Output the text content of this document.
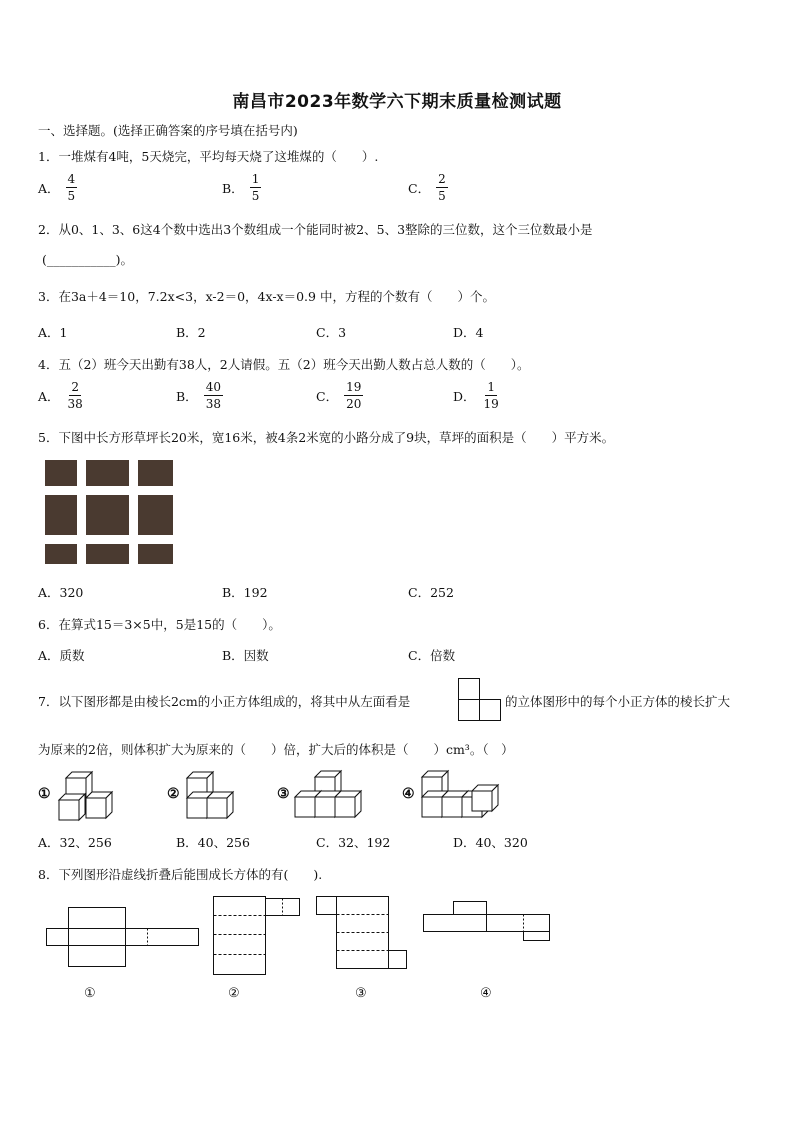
南昌市2023年数学六下期末质量检测试题
一、选择题。(选择正确答案的序号填在括号内)
1．一堆煤有4吨，5天烧完，平均每天烧了这堆煤的（　　）.
A． $\frac{4}{5}$	B． $\frac{1}{5}$	C． $\frac{2}{5}$
2．从0、1、3、6这4个数中选出3个数组成一个能同时被2、5、3整除的三位数，这个三位数最小是
(___________)。
3．在3a＋4＝10，7.2x<3，x-2＝0，4x-x＝0.9 中，方程的个数有（　　）个。
A．1	B．2	C．3	D．4
4．五（2）班今天出勤有38人，2人请假。五（2）班今天出勤人数占总人数的（　　）。
A． $\frac{2}{38}$	B． $\frac{40}{38}$	C． $\frac{19}{20}$	D． $\frac{1}{19}$
5．下图中长方形草坪长20米，宽16米，被4条2米宽的小路分成了9块，草坪的面积是（　　）平方米。
A．320	B．192	C．252
6．在算式15＝3×5中，5是15的（　　）。
A．质数	B．因数	C．倍数
7．以下图形都是由棱长2cm的小正方体组成的，将其中从左面看是	的立体图形中的每个小正方体的棱长扩大
为原来的2倍，则体积扩大为原来的（　　）倍，扩大后的体积是（　　）cm³。（　）
①	②	③	④
A．32、256	B．40、256	C．32、192	D．40、320
8．下列图形沿虚线折叠后能围成长方体的有(　　).
①	②	③	④
